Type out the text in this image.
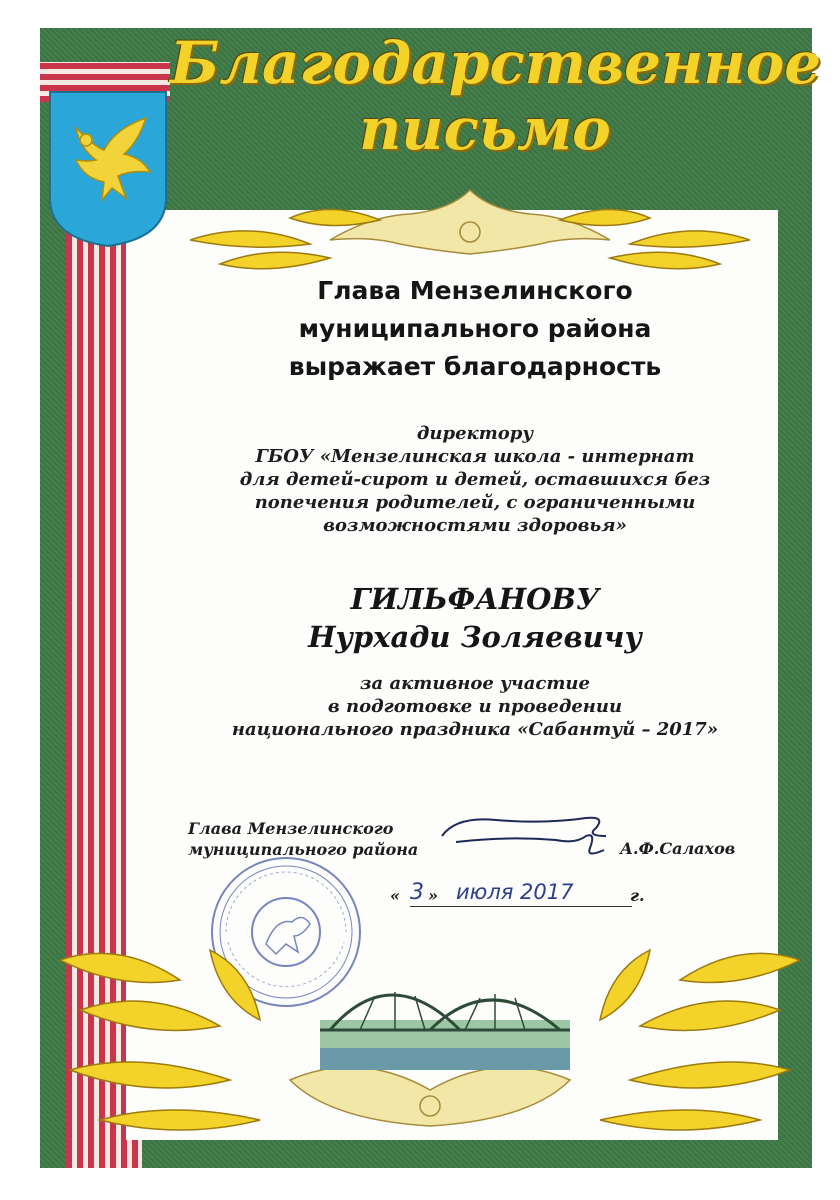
Благодарственное
письмо
Глава Мензелинского
муниципального района
выражает благодарность
директору
ГБОУ «Мензелинская школа - интернат
для детей-сирот и детей, оставшихся без
попечения родителей, с ограниченными
возможностями здоровья»
ГИЛЬФАНОВУ
Нурхади Золяевичу
за активное участие
в подготовке и проведении
национального праздника «Сабантуй – 2017»
Глава Мензелинского
муниципального района	А.Ф.Салахов
« 3 » июля 2017	г.
